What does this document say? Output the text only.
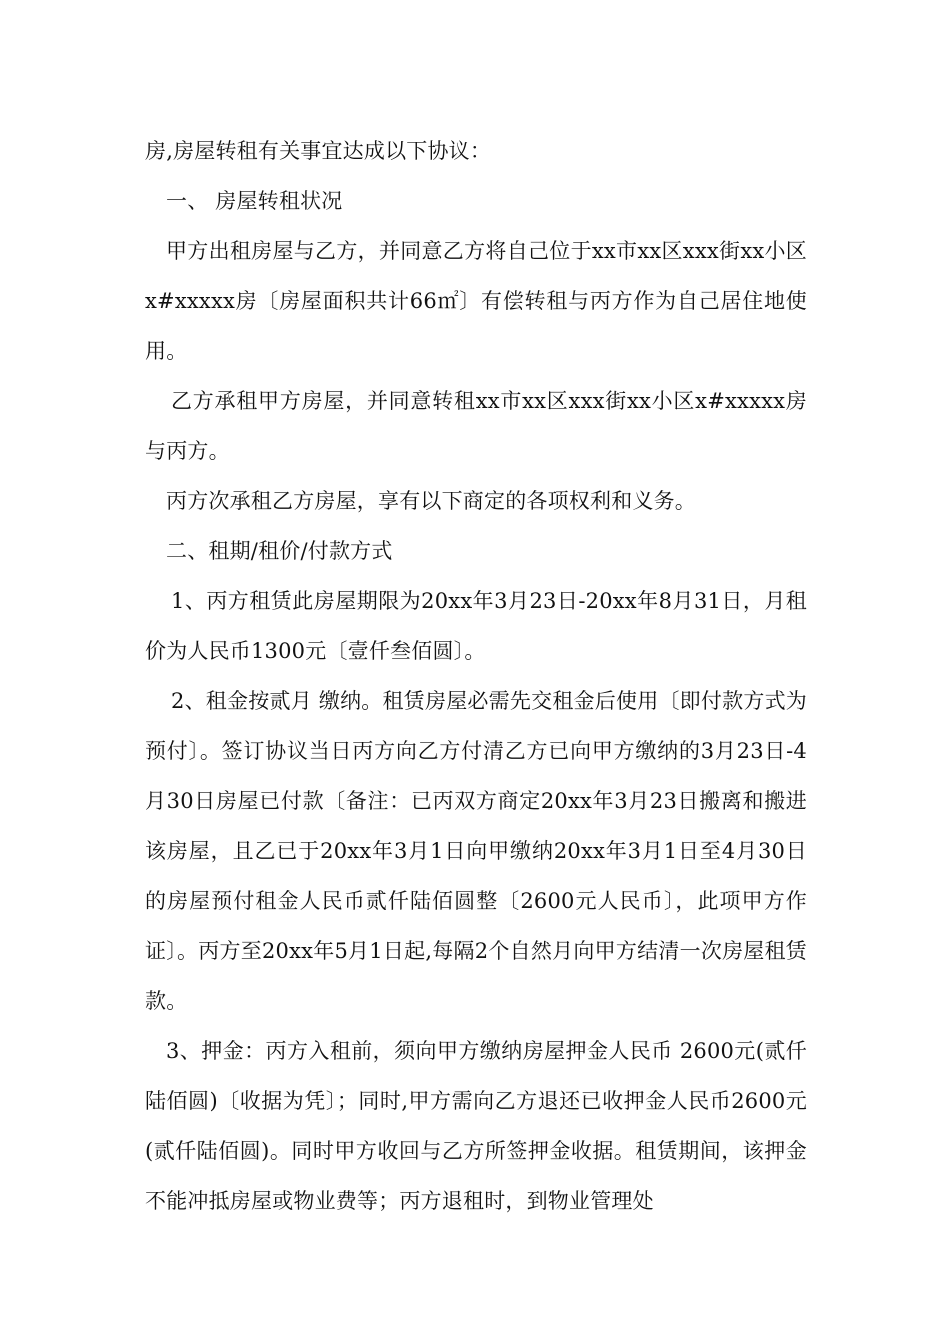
房,房屋转租有关事宜达成以下协议：

一、 房屋转租状况

甲方出租房屋与乙方，并同意乙方将自己位于xx市xx区xxx街xx小区x#xxxxx房〔房屋面积共计66㎡〕有偿转租与丙方作为自己居住地使用。

乙方承租甲方房屋，并同意转租xx市xx区xxx街xx小区x#xxxxx房与丙方。

丙方次承租乙方房屋，享有以下商定的各项权利和义务。

二、租期/租价/付款方式

1、丙方租赁此房屋期限为20xx年3月23日-20xx年8月31日，月租价为人民币1300元〔壹仟叁佰圆〕。

2、租金按贰月 缴纳。租赁房屋必需先交租金后使用〔即付款方式为预付〕。签订协议当日丙方向乙方付清乙方已向甲方缴纳的3月23日-4月30日房屋已付款〔备注：已丙双方商定20xx年3月23日搬离和搬进该房屋，且乙已于20xx年3月1日向甲缴纳20xx年3月1日至4月30日的房屋预付租金人民币贰仟陆佰圆整〔2600元人民币〕，此项甲方作证〕。丙方至20xx年5月1日起,每隔2个自然月向甲方结清一次房屋租赁款。

3、押金：丙方入租前，须向甲方缴纳房屋押金人民币 2600元(贰仟陆佰圆)〔收据为凭〕；同时,甲方需向乙方退还已收押金人民币2600元(贰仟陆佰圆)。同时甲方收回与乙方所签押金收据。租赁期间，该押金不能冲抵房屋或物业费等；丙方退租时，到物业管理处
